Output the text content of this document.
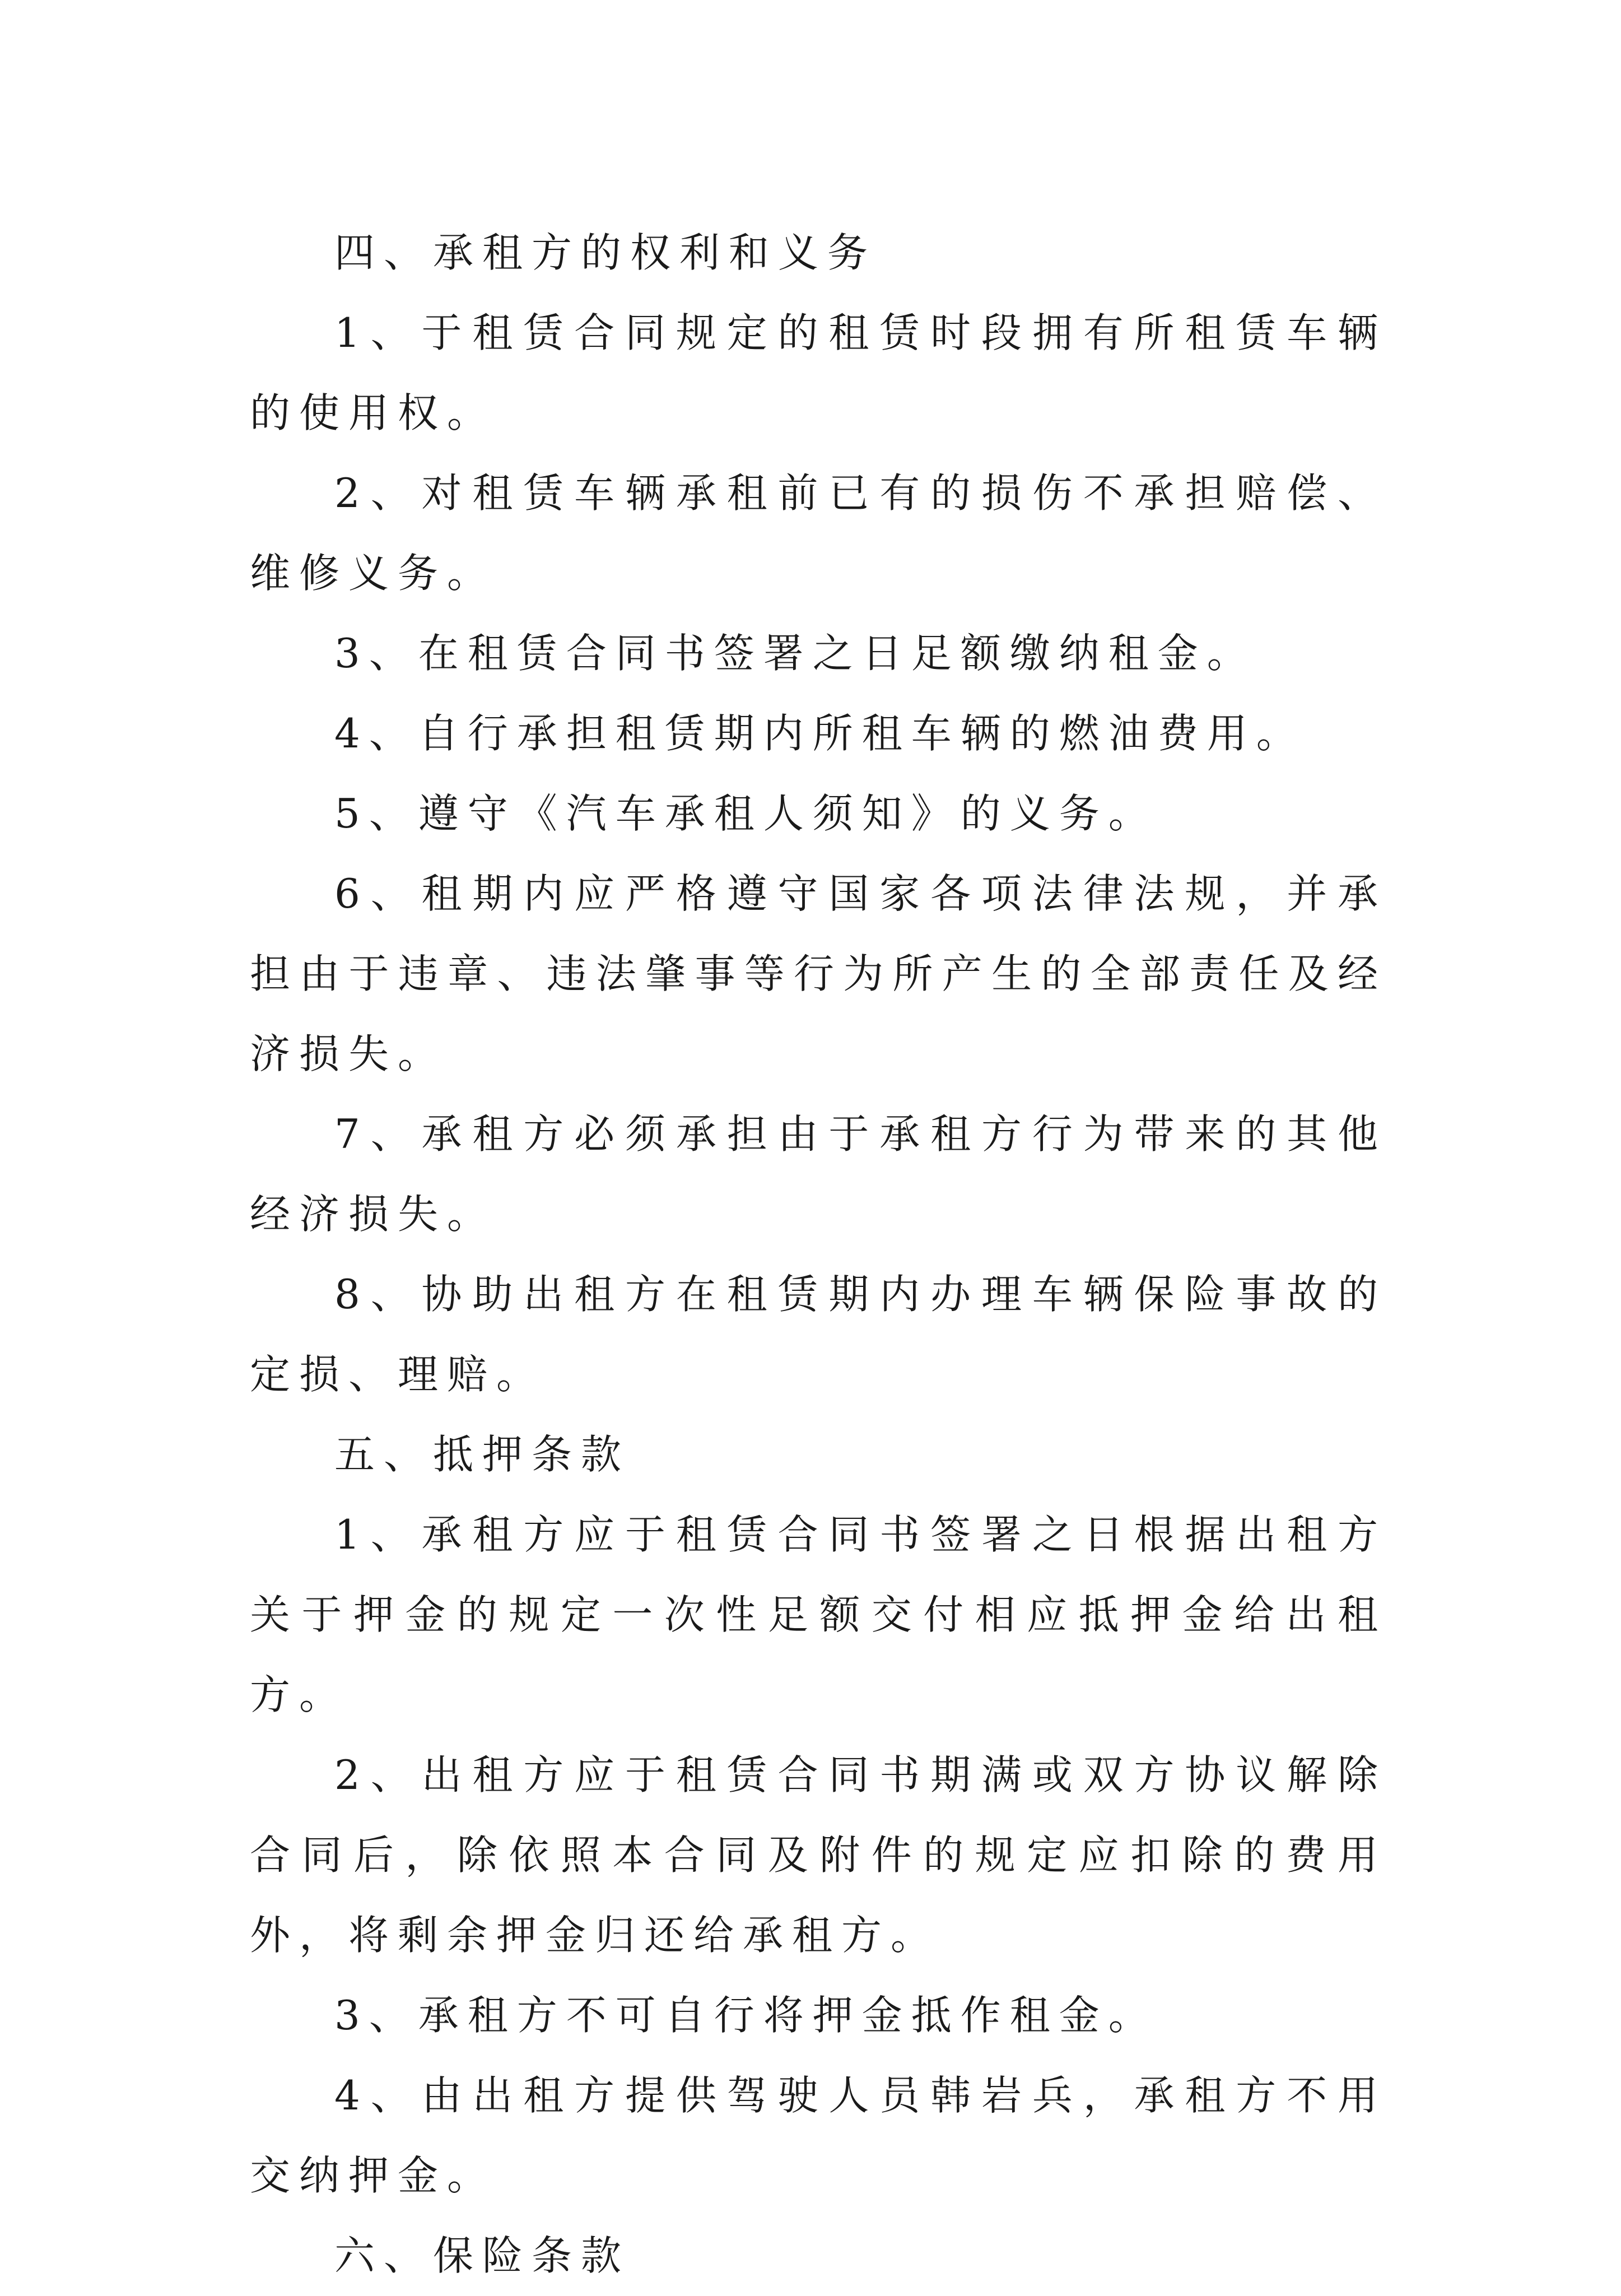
四、承租方的权利和义务

1、于租赁合同规定的租赁时段拥有所租赁车辆的使用权。

2、对租赁车辆承租前已有的损伤不承担赔偿、维修义务。

3、在租赁合同书签署之日足额缴纳租金。

4、自行承担租赁期内所租车辆的燃油费用。

5、遵守《汽车承租人须知》的义务。

6、租期内应严格遵守国家各项法律法规，并承担由于违章、违法肇事等行为所产生的全部责任及经济损失。

7、承租方必须承担由于承租方行为带来的其他经济损失。

8、协助出租方在租赁期内办理车辆保险事故的定损、理赔。

五、抵押条款

1、承租方应于租赁合同书签署之日根据出租方关于押金的规定一次性足额交付相应抵押金给出租方。

2、出租方应于租赁合同书期满或双方协议解除合同后，除依照本合同及附件的规定应扣除的费用外，将剩余押金归还给承租方。

3、承租方不可自行将押金抵作租金。

4、由出租方提供驾驶人员韩岩兵，承租方不用交纳押金。

六、保险条款
